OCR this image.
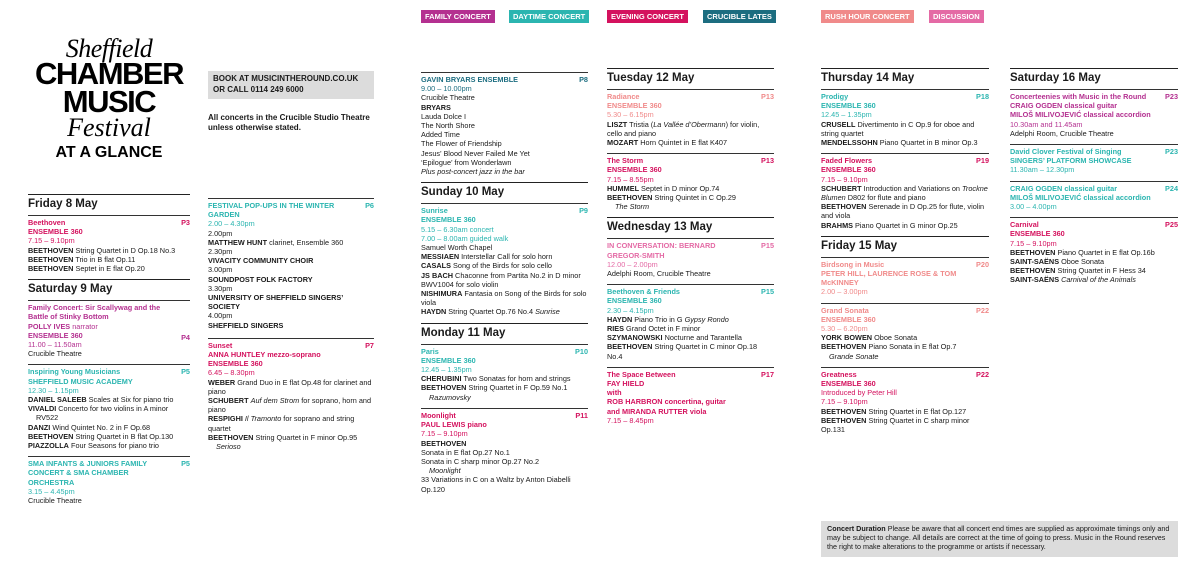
FAMILY CONCERT	DAYTIME CONCERT	EVENING CONCERT	CRUCIBLE LATES	RUSH HOUR CONCERT	DISCUSSION
Sheffield
CHAMBER
MUSIC
Festival
AT A GLANCE
BOOK AT MUSICINTHEROUND.CO.UK
OR CALL 0114 249 6000
All concerts in the Crucible Studio Theatre unless otherwise stated.
Friday 8 May
Beethoven	P3
ENSEMBLE 360
7.15 – 9.10pm
BEETHOVEN String Quartet in D Op.18 No.3
BEETHOVEN Trio in B flat Op.11
BEETHOVEN Septet in E flat Op.20
Saturday 9 May
Family Concert: Sir Scallywag and the Battle of Stinky Bottom
P4
POLLY IVES narrator
ENSEMBLE 360
11.00 – 11.50am
Crucible Theatre
Inspiring Young Musicians	P5
SHEFFIELD MUSIC ACADEMY
12.30 – 1.15pm
DANIEL SALEEB Scales at Six for piano trio
VIVALDI Concerto for two violins in A minor
RV522
DANZI Wind Quintet No. 2 in F Op.68
BEETHOVEN String Quartet in B flat Op.130
PIAZZOLLA Four Seasons for piano trio
SMA INFANTS & JUNIORS FAMILY CONCERT & SMA CHAMBER ORCHESTRA
P5
3.15 – 4.45pm
Crucible Theatre
FESTIVAL POP-UPS IN THE WINTER GARDEN
P6
2.00 – 4.30pm
2.00pm
MATTHEW HUNT clarinet, Ensemble 360
2.30pm
VIVACITY COMMUNITY CHOIR
3.00pm
SOUNDPOST FOLK FACTORY
3.30pm
UNIVERSITY OF SHEFFIELD SINGERS’ SOCIETY
4.00pm
SHEFFIELD SINGERS
Sunset	P7
ANNA HUNTLEY mezzo-soprano
ENSEMBLE 360
6.45 – 8.30pm
WEBER Grand Duo in E flat Op.48 for clarinet and piano
SCHUBERT Auf dem Strom for soprano, horn and piano
RESPIGHI Il Tramonto for soprano and string quartet
BEETHOVEN String Quartet in F minor Op.95
Serioso
GAVIN BRYARS ENSEMBLE	P8
9.00 – 10.00pm
Crucible Theatre
BRYARS
Lauda Dolce I
The North Shore
Added Time
The Flower of Friendship
Jesus’ Blood Never Failed Me Yet
‘Epilogue’ from Wonderlawn
Plus post-concert jazz in the bar
Sunday 10 May
Sunrise	P9
ENSEMBLE 360
5.15 – 6.30am concert
7.00 – 8.00am guided walk
Samuel Worth Chapel
MESSIAEN Interstellar Call for solo horn
CASALS Song of the Birds for solo cello
JS BACH Chaconne from Partita No.2 in D minor BWV1004 for solo violin
NISHIMURA Fantasia on Song of the Birds for solo viola
HAYDN String Quartet Op.76 No.4 Sunrise
Monday 11 May
Paris	P10
ENSEMBLE 360
12.45 – 1.35pm
CHERUBINI Two Sonatas for horn and strings
BEETHOVEN String Quartet in F Op.59 No.1
Razumovsky
Moonlight	P11
PAUL LEWIS piano
7.15 – 9.10pm
BEETHOVEN
Sonata in E flat Op.27 No.1
Sonata in C sharp minor Op.27 No.2
Moonlight
33 Variations in C on a Waltz by Anton Diabelli Op.120
Tuesday 12 May
Radiance	P13
ENSEMBLE 360
5.30 – 6.15pm
LISZT Tristia (La Vallée d’Obermann) for violin, cello and piano
MOZART Horn Quintet in E flat K407
The Storm	P13
ENSEMBLE 360
7.15 – 8.55pm
HUMMEL Septet in D minor Op.74
BEETHOVEN String Quintet in C Op.29
The Storm
Wednesday 13 May
IN CONVERSATION: BERNARD GREGOR-SMITH
P15
12.00 – 2.00pm
Adelphi Room, Crucible Theatre
Beethoven & Friends	P15
ENSEMBLE 360
2.30 – 4.15pm
HAYDN Piano Trio in G Gypsy Rondo
RIES Grand Octet in F minor
SZYMANOWSKI Nocturne and Tarantella
BEETHOVEN String Quartet in C minor Op.18 No.4
The Space Between	P17
FAY HIELD
with
ROB HARBRON concertina, guitar
and MIRANDA RUTTER viola
7.15 – 8.45pm
Thursday 14 May
Prodigy	P18
ENSEMBLE 360
12.45 – 1.35pm
CRUSELL Divertimento in C Op.9 for oboe and string quartet
MENDELSSOHN Piano Quartet in B minor Op.3
Faded Flowers	P19
ENSEMBLE 360
7.15 – 9.10pm
SCHUBERT Introduction and Variations on Trockne Blumen D802 for flute and piano
BEETHOVEN Serenade in D Op.25 for flute, violin and viola
BRAHMS Piano Quartet in G minor Op.25
Friday 15 May
Birdsong in Music	P20
PETER HILL, LAURENCE ROSE & TOM McKINNEY
2.00 – 3.00pm
Grand Sonata	P22
ENSEMBLE 360
5.30 – 6.20pm
YORK BOWEN Oboe Sonata
BEETHOVEN Piano Sonata in E flat Op.7
Grande Sonate
Greatness	P22
ENSEMBLE 360
Introduced by Peter Hill
7.15 – 9.10pm
BEETHOVEN String Quartet in E flat Op.127
BEETHOVEN String Quartet in C sharp minor Op.131
Saturday 16 May
Concerteenies with Music in the Round	P23
CRAIG OGDEN classical guitar
MILOŠ MILIVOJEVIĆ classical accordion
10.30am and 11.45am
Adelphi Room, Crucible Theatre
David Clover Festival of Singing SINGERS’ PLATFORM SHOWCASE
P23
11.30am – 12.30pm
CRAIG OGDEN classical guitar	P24
MILOŠ MILIVOJEVIĆ classical accordion
3.00 – 4.00pm
Carnival	P25
ENSEMBLE 360
7.15 – 9.10pm
BEETHOVEN Piano Quartet in E flat Op.16b
SAINT-SAËNS Oboe Sonata
BEETHOVEN String Quartet in F Hess 34
SAINT-SAËNS Carnival of the Animals
Concert Duration Please be aware that all concert end times are supplied as approximate timings only and may be subject to change. All details are correct at the time of going to press. Music in the Round reserves the right to make alterations to the programme or artists if necessary.
